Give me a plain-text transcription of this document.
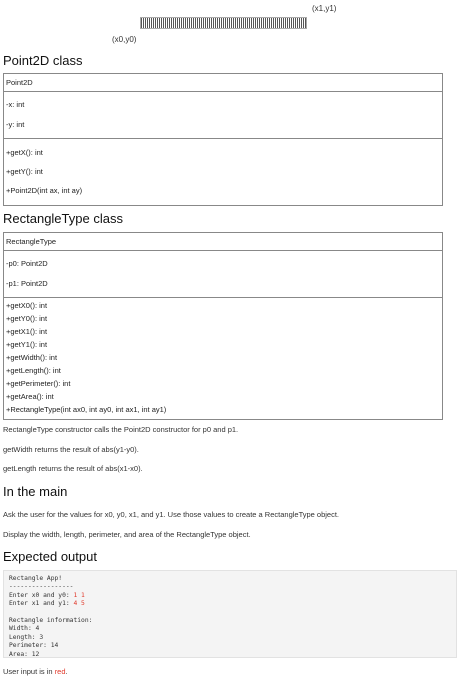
(x1,y1)
(x0,y0)
Point2D class
Point2D
-x: int
-y: int
+getX(): int
+getY(): int
+Point2D(int ax, int ay)
RectangleType class
RectangleType
-p0: Point2D
-p1: Point2D
+getX0(): int
+getY0(): int
+getX1(): int
+getY1(): int
+getWidth(): int
+getLength(): int
+getPerimeter(): int
+getArea(): int
+RectangleType(int ax0, int ay0, int ax1, int ay1)

RectangleType constructor calls the Point2D constructor for p0 and p1.

getWidth returns the result of abs(y1-y0).

getLength returns the result of abs(x1-x0).

In the main

Ask the user for the values for x0, y0, x1, and y1. Use those values to create a RectangleType object.

Display the width, length, perimeter, and area of the RectangleType object.

Expected output
Rectangle App!
-----------------
Enter x0 and y0: 1 1
Enter x1 and y1: 4 5
Rectangle information:
Width: 4
Length: 3
Perimeter: 14
Area: 12

User input is in red.
